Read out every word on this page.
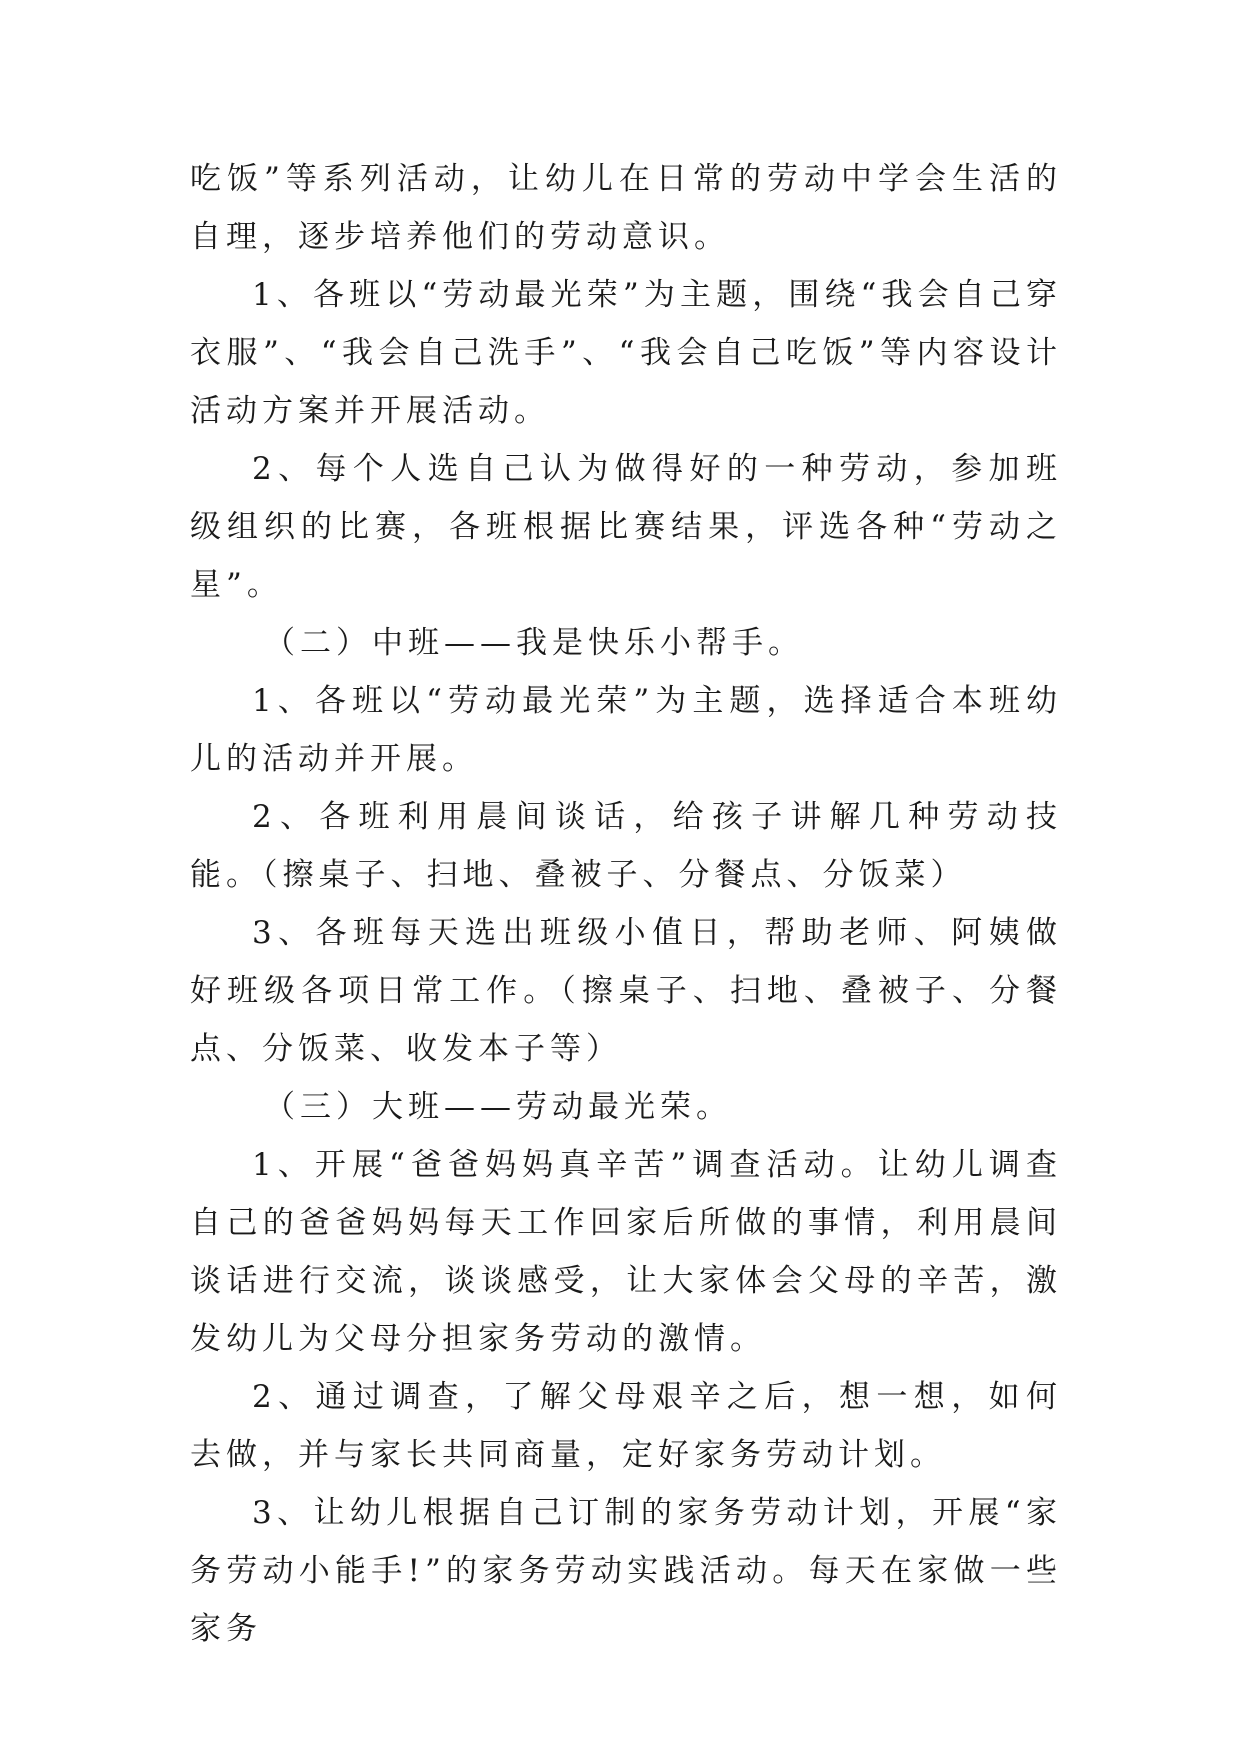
吃饭”等系列活动，让幼儿在日常的劳动中学会生活的自理，逐步培养他们的劳动意识。

1、各班以“劳动最光荣”为主题，围绕“我会自己穿衣服”、“我会自己洗手”、“我会自己吃饭”等内容设计活动方案并开展活动。

2、每个人选自己认为做得好的一种劳动，参加班级组织的比赛，各班根据比赛结果，评选各种“劳动之星”。

（二）中班——我是快乐小帮手。

1、各班以“劳动最光荣”为主题，选择适合本班幼儿的活动并开展。

2、各班利用晨间谈话，给孩子讲解几种劳动技能。（擦桌子、扫地、叠被子、分餐点、分饭菜）

3、各班每天选出班级小值日，帮助老师、阿姨做好班级各项日常工作。（擦桌子、扫地、叠被子、分餐点、分饭菜、收发本子等）

（三）大班——劳动最光荣。

1、开展“爸爸妈妈真辛苦”调查活动。让幼儿调查自己的爸爸妈妈每天工作回家后所做的事情，利用晨间谈话进行交流，谈谈感受，让大家体会父母的辛苦，激发幼儿为父母分担家务劳动的激情。

2、通过调查，了解父母艰辛之后，想一想，如何去做，并与家长共同商量，定好家务劳动计划。

3、让幼儿根据自己订制的家务劳动计划，开展“家务劳动小能手!”的家务劳动实践活动。每天在家做一些家务
